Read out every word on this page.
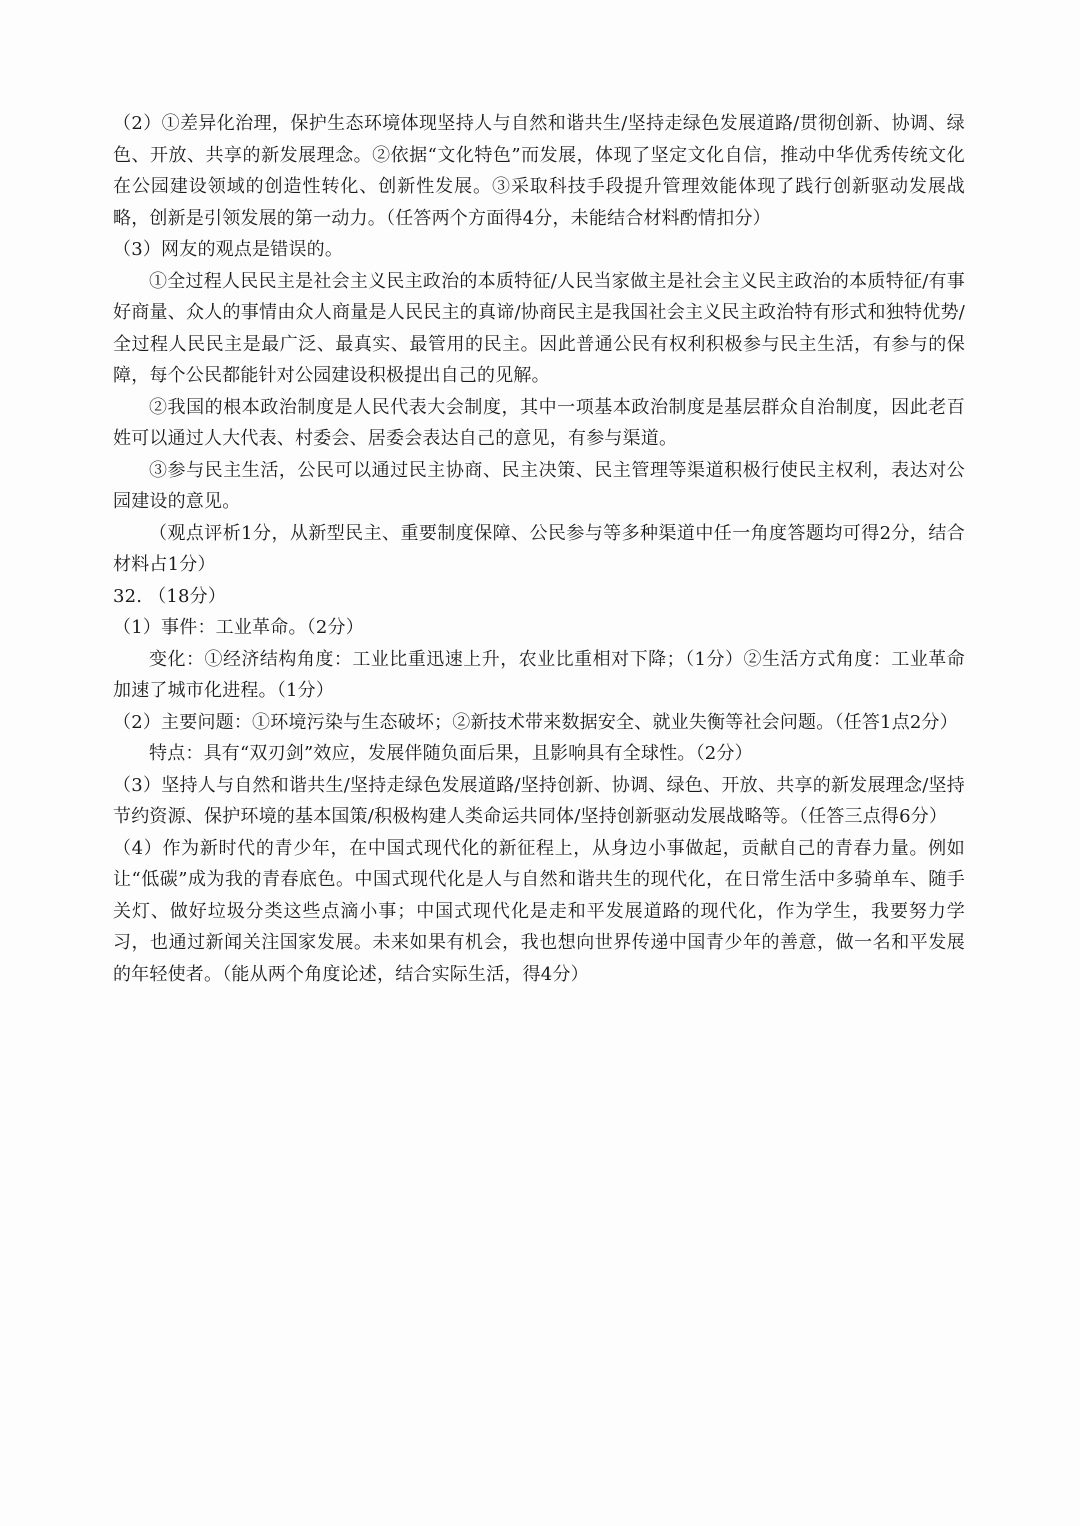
（2）①差异化治理，保护生态环境体现坚持人与自然和谐共生/坚持走绿色发展道路/贯彻创新、协调、绿色、开放、共享的新发展理念。②依据“文化特色”而发展，体现了坚定文化自信，推动中华优秀传统文化在公园建设领域的创造性转化、创新性发展。③采取科技手段提升管理效能体现了践行创新驱动发展战略，创新是引领发展的第一动力。（任答两个方面得4分，未能结合材料酌情扣分）

（3）网友的观点是错误的。

①全过程人民民主是社会主义民主政治的本质特征/人民当家做主是社会主义民主政治的本质特征/有事好商量、众人的事情由众人商量是人民民主的真谛/协商民主是我国社会主义民主政治特有形式和独特优势/全过程人民民主是最广泛、最真实、最管用的民主。因此普通公民有权利积极参与民主生活，有参与的保障，每个公民都能针对公园建设积极提出自己的见解。

②我国的根本政治制度是人民代表大会制度，其中一项基本政治制度是基层群众自治制度，因此老百姓可以通过人大代表、村委会、居委会表达自己的意见，有参与渠道。

③参与民主生活，公民可以通过民主协商、民主决策、民主管理等渠道积极行使民主权利，表达对公园建设的意见。

（观点评析1分，从新型民主、重要制度保障、公民参与等多种渠道中任一角度答题均可得2分，结合材料占1分）

32. （18分）

（1）事件：工业革命。（2分）

变化：①经济结构角度：工业比重迅速上升，农业比重相对下降；（1分）②生活方式角度：工业革命加速了城市化进程。（1分）

（2）主要问题：①环境污染与生态破坏；②新技术带来数据安全、就业失衡等社会问题。（任答1点2分）

特点：具有“双刃剑”效应，发展伴随负面后果，且影响具有全球性。（2分）

（3）坚持人与自然和谐共生/坚持走绿色发展道路/坚持创新、协调、绿色、开放、共享的新发展理念/坚持节约资源、保护环境的基本国策/积极构建人类命运共同体/坚持创新驱动发展战略等。（任答三点得6分）

（4）作为新时代的青少年，在中国式现代化的新征程上，从身边小事做起，贡献自己的青春力量。例如让“低碳”成为我的青春底色。中国式现代化是人与自然和谐共生的现代化，在日常生活中多骑单车、随手关灯、做好垃圾分类这些点滴小事；中国式现代化是走和平发展道路的现代化，作为学生，我要努力学习，也通过新闻关注国家发展。未来如果有机会，我也想向世界传递中国青少年的善意，做一名和平发展的年轻使者。（能从两个角度论述，结合实际生活，得4分）
